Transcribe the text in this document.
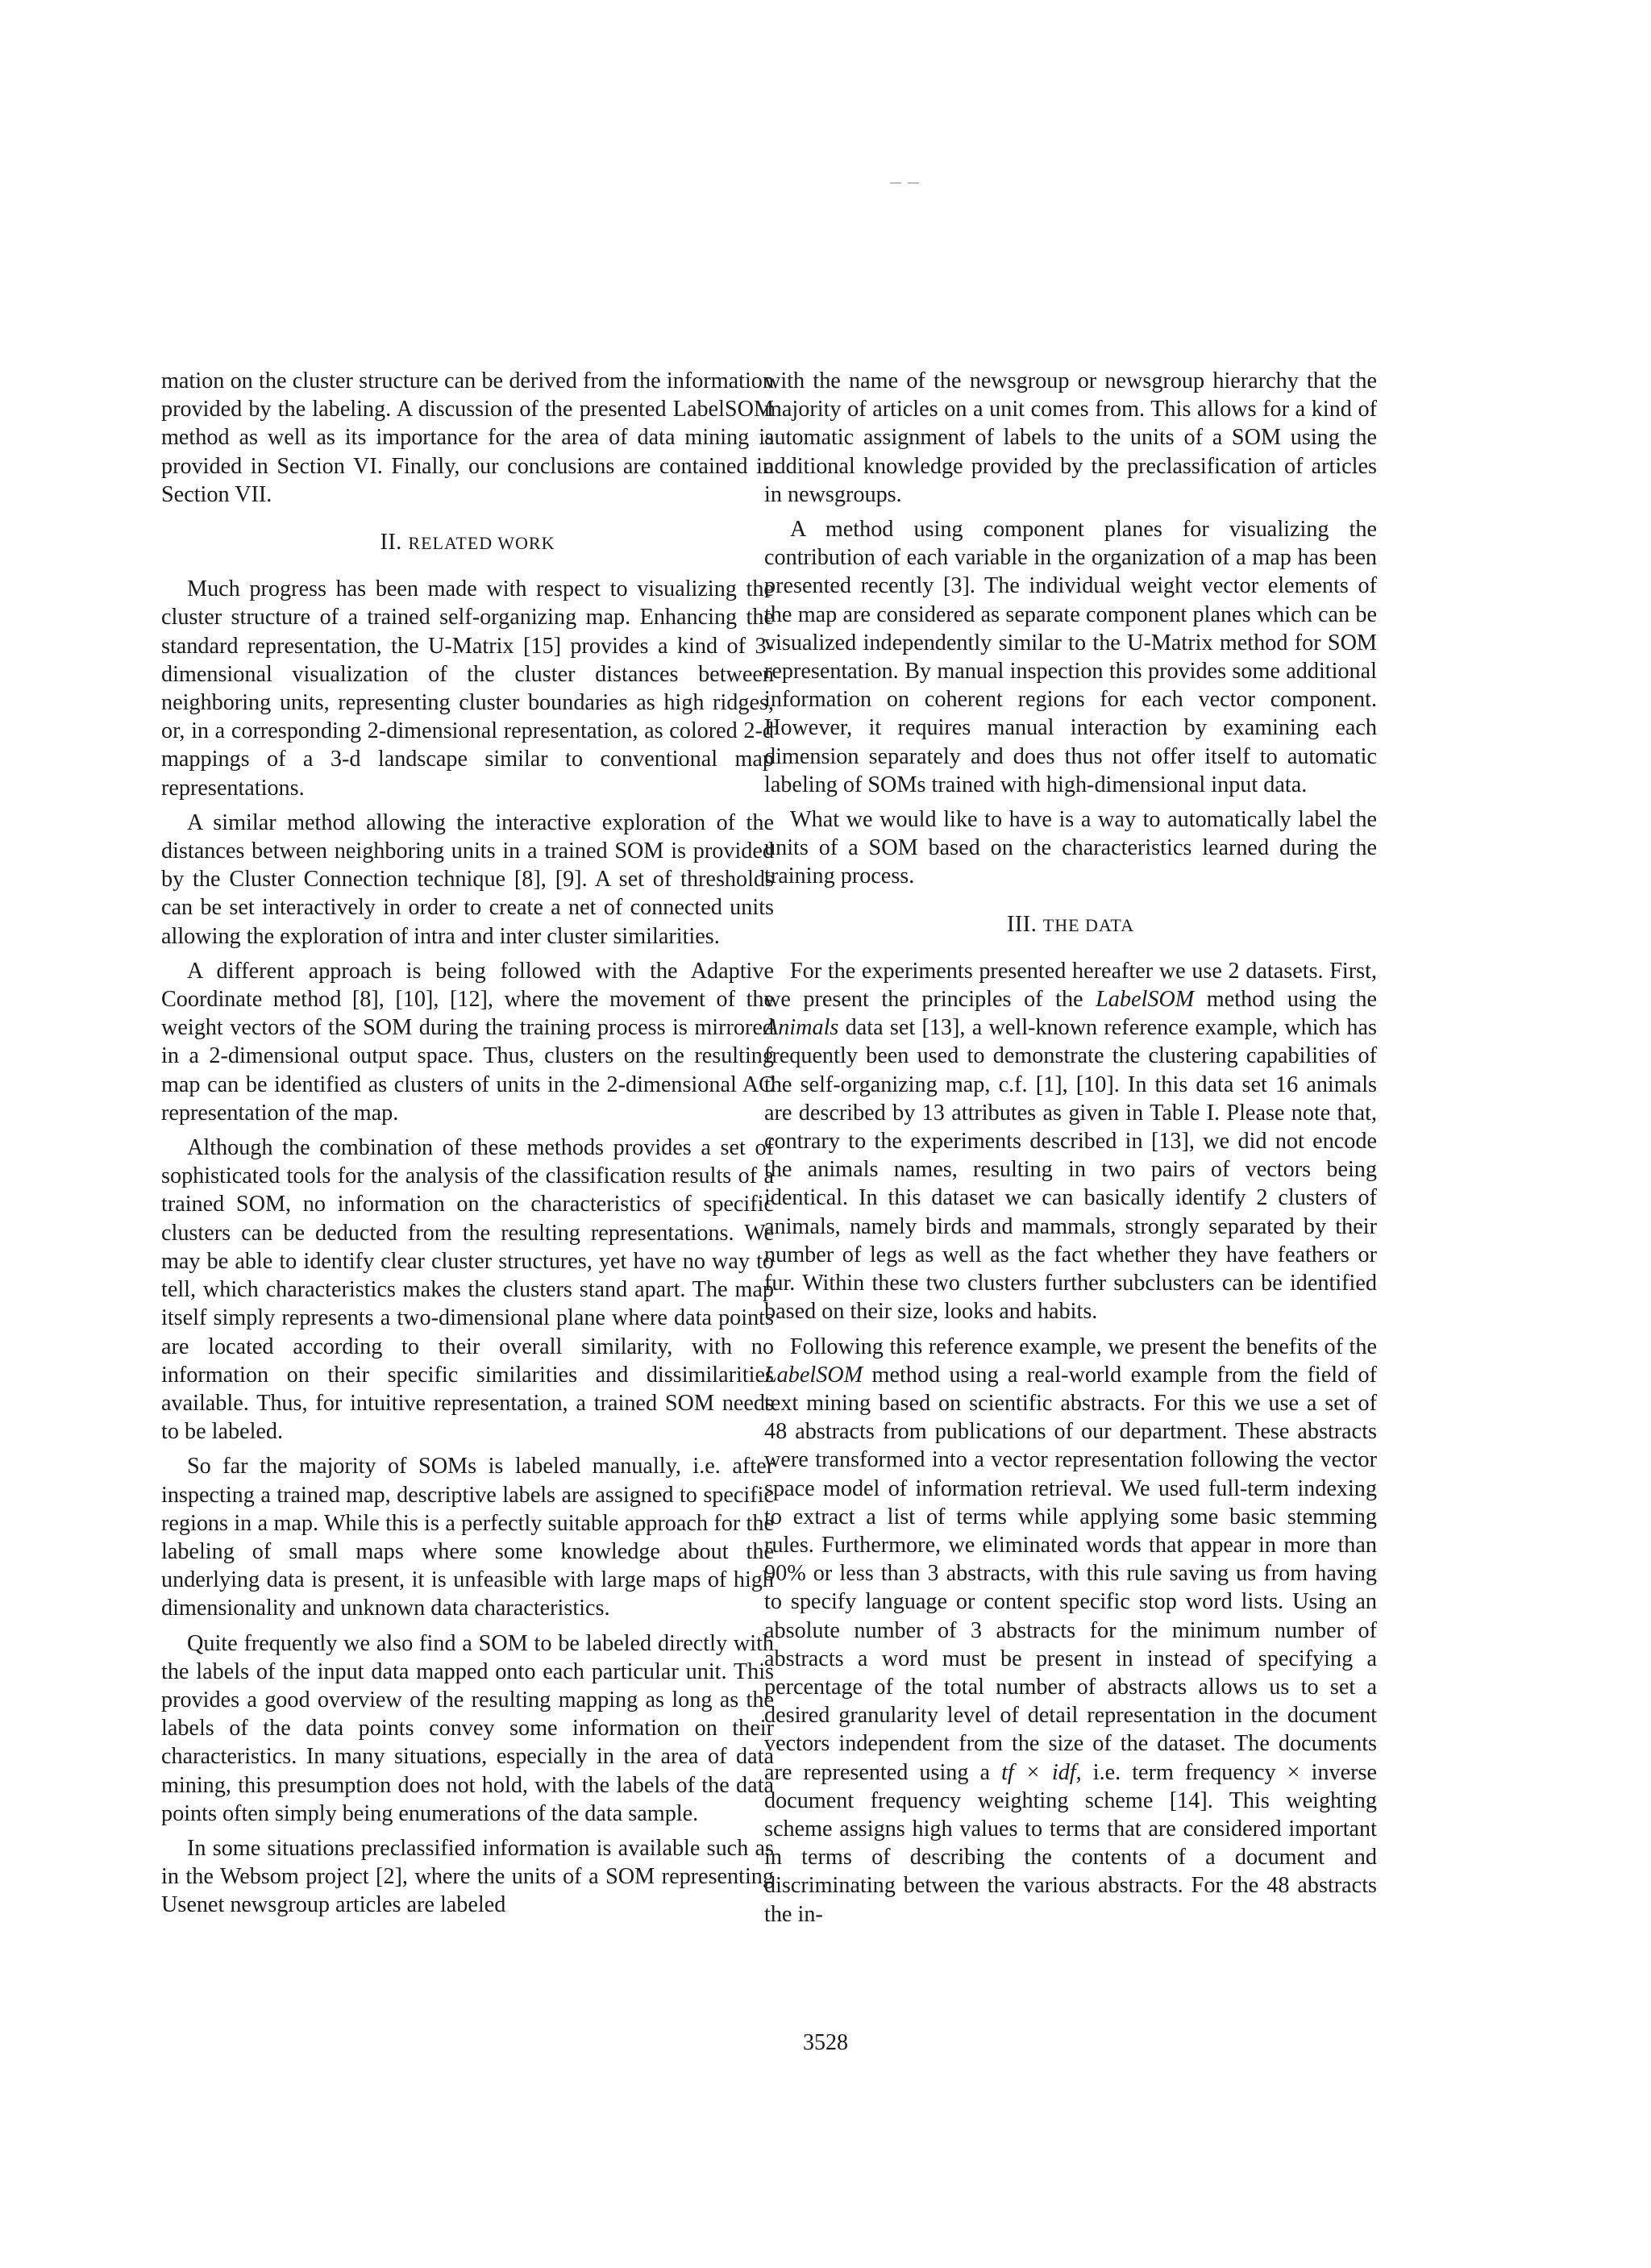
mation on the cluster structure can be derived from the information provided by the labeling. A discussion of the presented LabelSOM method as well as its importance for the area of data mining is provided in Section VI. Finally, our conclusions are contained in Section VII.

II. RELATED WORK

Much progress has been made with respect to visualizing the cluster structure of a trained self-organizing map. Enhancing the standard representation, the U-Matrix [15] provides a kind of 3-dimensional visualization of the cluster distances between neighboring units, representing cluster boundaries as high ridges, or, in a corresponding 2-dimensional representation, as colored 2-d mappings of a 3-d landscape similar to conventional map representations.

A similar method allowing the interactive exploration of the distances between neighboring units in a trained SOM is provided by the Cluster Connection technique [8], [9]. A set of thresholds can be set interactively in order to create a net of connected units allowing the exploration of intra and inter cluster similarities.

A different approach is being followed with the Adaptive Coordinate method [8], [10], [12], where the movement of the weight vectors of the SOM during the training process is mirrored in a 2-dimensional output space. Thus, clusters on the resulting map can be identified as clusters of units in the 2-dimensional AC representation of the map.

Although the combination of these methods provides a set of sophisticated tools for the analysis of the classification results of a trained SOM, no information on the characteristics of specific clusters can be deducted from the resulting representations. We may be able to identify clear cluster structures, yet have no way to tell, which characteristics makes the clusters stand apart. The map itself simply represents a two-dimensional plane where data points are located according to their overall similarity, with no information on their specific similarities and dissimilarities available. Thus, for intuitive representation, a trained SOM needs to be labeled.

So far the majority of SOMs is labeled manually, i.e. after inspecting a trained map, descriptive labels are assigned to specific regions in a map. While this is a perfectly suitable approach for the labeling of small maps where some knowledge about the underlying data is present, it is unfeasible with large maps of high dimensionality and unknown data characteristics.

Quite frequently we also find a SOM to be labeled directly with the labels of the input data mapped onto each particular unit. This provides a good overview of the resulting mapping as long as the labels of the data points convey some information on their characteristics. In many situations, especially in the area of data mining, this presumption does not hold, with the labels of the data points often simply being enumerations of the data sample.

In some situations preclassified information is available such as in the Websom project [2], where the units of a SOM representing Usenet newsgroup articles are labeled

with the name of the newsgroup or newsgroup hierarchy that the majority of articles on a unit comes from. This allows for a kind of automatic assignment of labels to the units of a SOM using the additional knowledge provided by the preclassification of articles in newsgroups.

A method using component planes for visualizing the contribution of each variable in the organization of a map has been presented recently [3]. The individual weight vector elements of the map are considered as separate component planes which can be visualized independently similar to the U-Matrix method for SOM representation. By manual inspection this provides some additional information on coherent regions for each vector component. However, it requires manual interaction by examining each dimension separately and does thus not offer itself to automatic labeling of SOMs trained with high-dimensional input data.

What we would like to have is a way to automatically label the units of a SOM based on the characteristics learned during the training process.

III. THE DATA

For the experiments presented hereafter we use 2 datasets. First, we present the principles of the LabelSOM method using the Animals data set [13], a well-known reference example, which has frequently been used to demonstrate the clustering capabilities of the self-organizing map, c.f. [1], [10]. In this data set 16 animals are described by 13 attributes as given in Table I. Please note that, contrary to the experiments described in [13], we did not encode the animals names, resulting in two pairs of vectors being identical. In this dataset we can basically identify 2 clusters of animals, namely birds and mammals, strongly separated by their number of legs as well as the fact whether they have feathers or fur. Within these two clusters further subclusters can be identified based on their size, looks and habits.

Following this reference example, we present the benefits of the LabelSOM method using a real-world example from the field of text mining based on scientific abstracts. For this we use a set of 48 abstracts from publications of our department. These abstracts were transformed into a vector representation following the vector space model of information retrieval. We used full-term indexing to extract a list of terms while applying some basic stemming rules. Furthermore, we eliminated words that appear in more than 90% or less than 3 abstracts, with this rule saving us from having to specify language or content specific stop word lists. Using an absolute number of 3 abstracts for the minimum number of abstracts a word must be present in instead of specifying a percentage of the total number of abstracts allows us to set a desired granularity level of detail representation in the document vectors independent from the size of the dataset. The documents are represented using a tf × idf, i.e. term frequency × inverse document frequency weighting scheme [14]. This weighting scheme assigns high values to terms that are considered important in terms of describing the contents of a document and discriminating between the various abstracts. For the 48 abstracts the in-

3528
